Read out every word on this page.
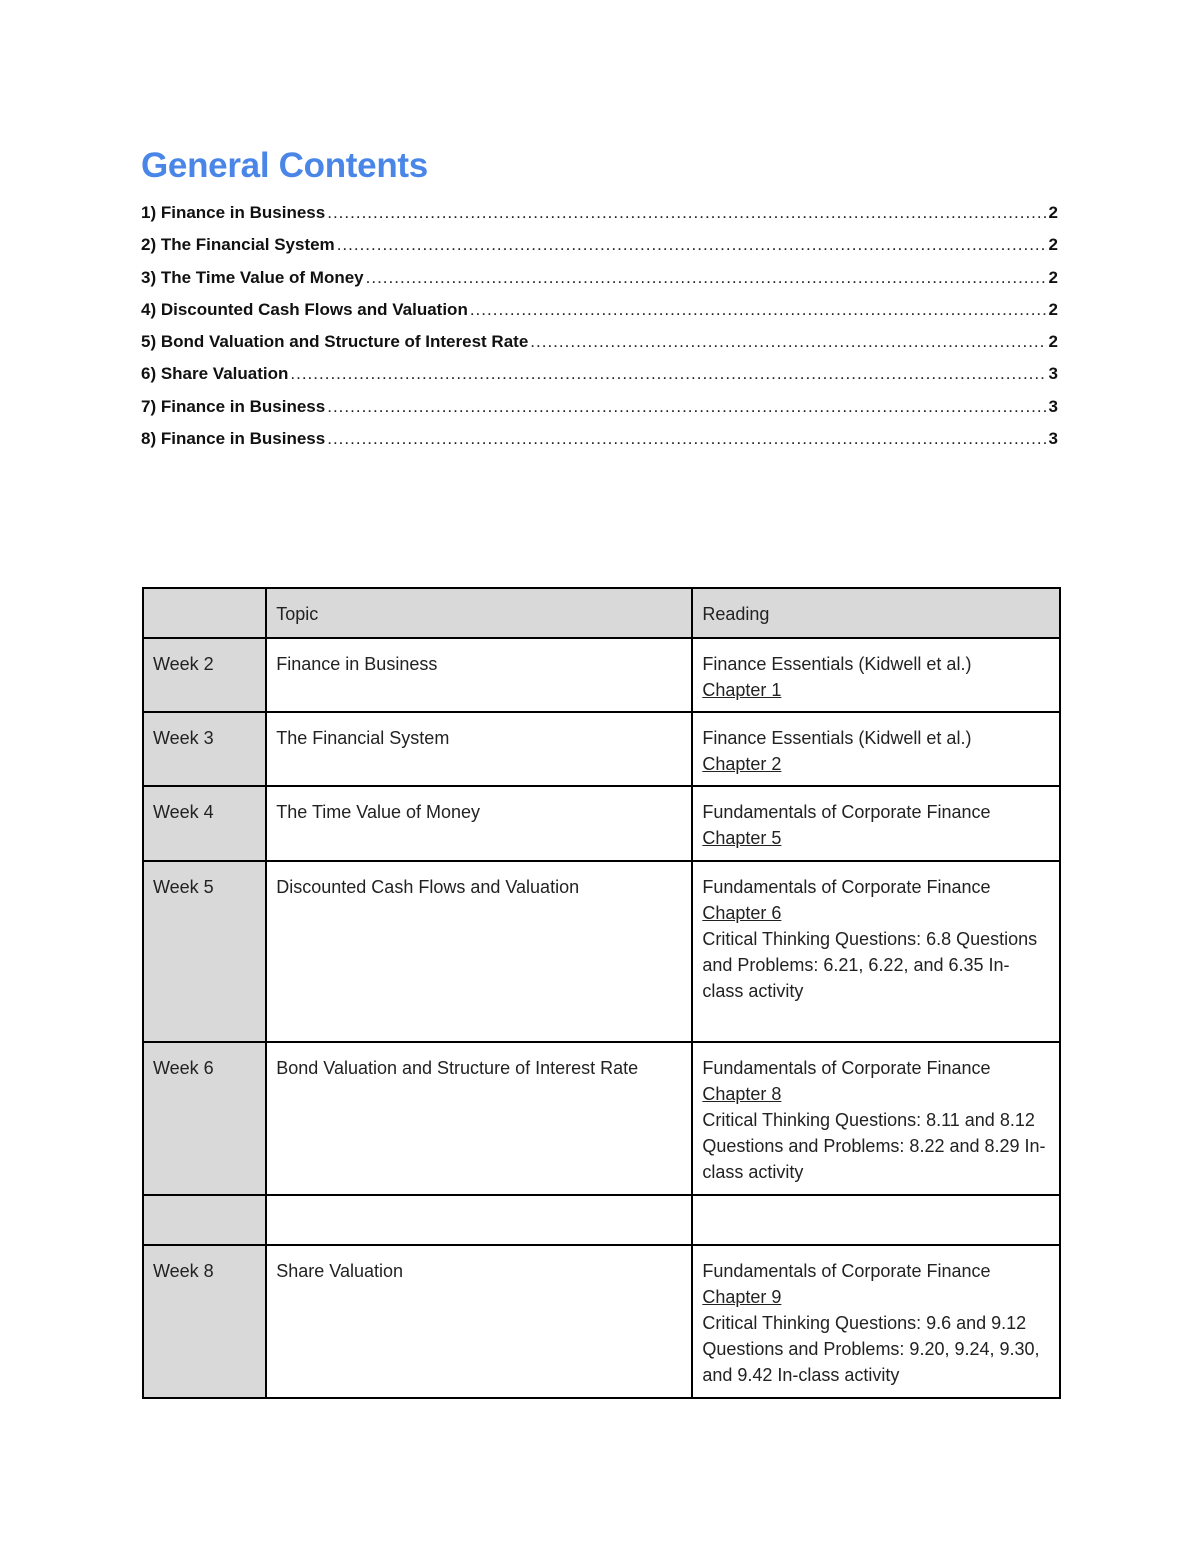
General Contents
1) Finance in Business .....	2
2) The Financial System .....	2
3) The Time Value of Money .....	2
4) Discounted Cash Flows and Valuation .....	2
5) Bond Valuation and Structure of Interest Rate .....	2
6) Share Valuation .....	3
7) Finance in Business .....	3
8) Finance in Business .....	3
	Topic	Reading
Week 2	Finance in Business	Finance Essentials (Kidwell et al.)
Chapter 1

Week 3	The Financial System	Finance Essentials (Kidwell et al.)
Chapter 2

Week 4	The Time Value of Money	Fundamentals of Corporate Finance
Chapter 5

Week 5	Discounted Cash Flows and Valuation	Fundamentals of Corporate Finance
Chapter 6
Critical Thinking Questions: 6.8 Questions and Problems: 6.21, 6.22, and 6.35 In-class activity

Week 6	Bond Valuation and Structure of Interest Rate	Fundamentals of Corporate Finance
Chapter 8
Critical Thinking Questions: 8.11 and 8.12 Questions and Problems: 8.22 and 8.29 In-class activity

Week 8	Share Valuation	Fundamentals of Corporate Finance
Chapter 9
Critical Thinking Questions: 9.6 and 9.12 Questions and Problems: 9.20, 9.24, 9.30, and 9.42 In-class activity
